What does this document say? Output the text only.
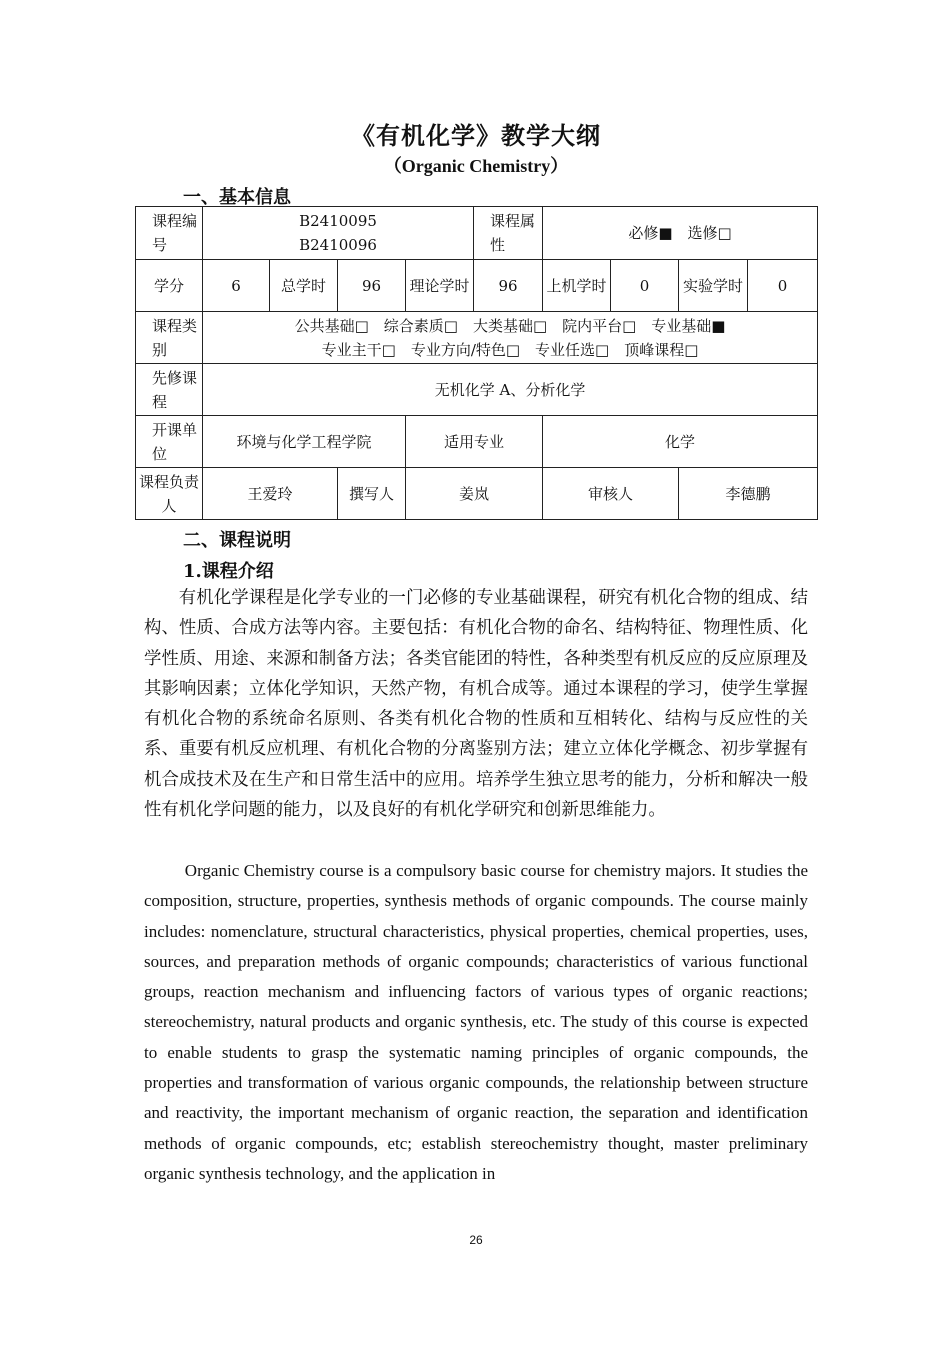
《有机化学》教学大纲
（Organic Chemistry）
一、基本信息
课程编号	B2410095
B2410096				课程属性	必修■　选修□			
学分	6	总学时	96	理论学时	96	上机学时	0	实验学时	0
课程类别	公共基础□　综合素质□　大类基础□　院内平台□　专业基础■
专业主干□　专业方向/特色□　专业任选□　顶峰课程□								

先修课程	无机化学 A、分析化学								
开课单位	环境与化学工程学院			适用专业		化学			
课程负责人	王爱玲		撰写人	姜岚		审核人		李德鹏	
二、课程说明
1.课程介绍

有机化学课程是化学专业的一门必修的专业基础课程，研究有机化合物的组成、结构、性质、合成方法等内容。主要包括：有机化合物的命名、结构特征、物理性质、化学性质、用途、来源和制备方法；各类官能团的特性，各种类型有机反应的反应原理及其影响因素；立体化学知识，天然产物，有机合成等。通过本课程的学习，使学生掌握有机化合物的系统命名原则、各类有机化合物的性质和互相转化、结构与反应性的关系、重要有机反应机理、有机化合物的分离鉴别方法；建立立体化学概念、初步掌握有机合成技术及在生产和日常生活中的应用。培养学生独立思考的能力，分析和解决一般性有机化学问题的能力，以及良好的有机化学研究和创新思维能力。

Organic Chemistry course is a compulsory basic course for chemistry majors. It studies the composition, structure, properties, synthesis methods of organic compounds. The course mainly includes: nomenclature, structural characteristics, physical properties, chemical properties, uses, sources, and preparation methods of organic compounds; characteristics of various functional groups, reaction mechanism and influencing factors of various types of organic reactions; stereochemistry, natural products and organic synthesis, etc. The study of this course is expected to enable students to grasp the systematic naming principles of organic compounds, the properties and transformation of various organic compounds, the relationship between structure and reactivity, the important mechanism of organic reaction, the separation and identification methods of organic compounds, etc; establish stereochemistry thought, master preliminary organic synthesis technology, and the application in

26
